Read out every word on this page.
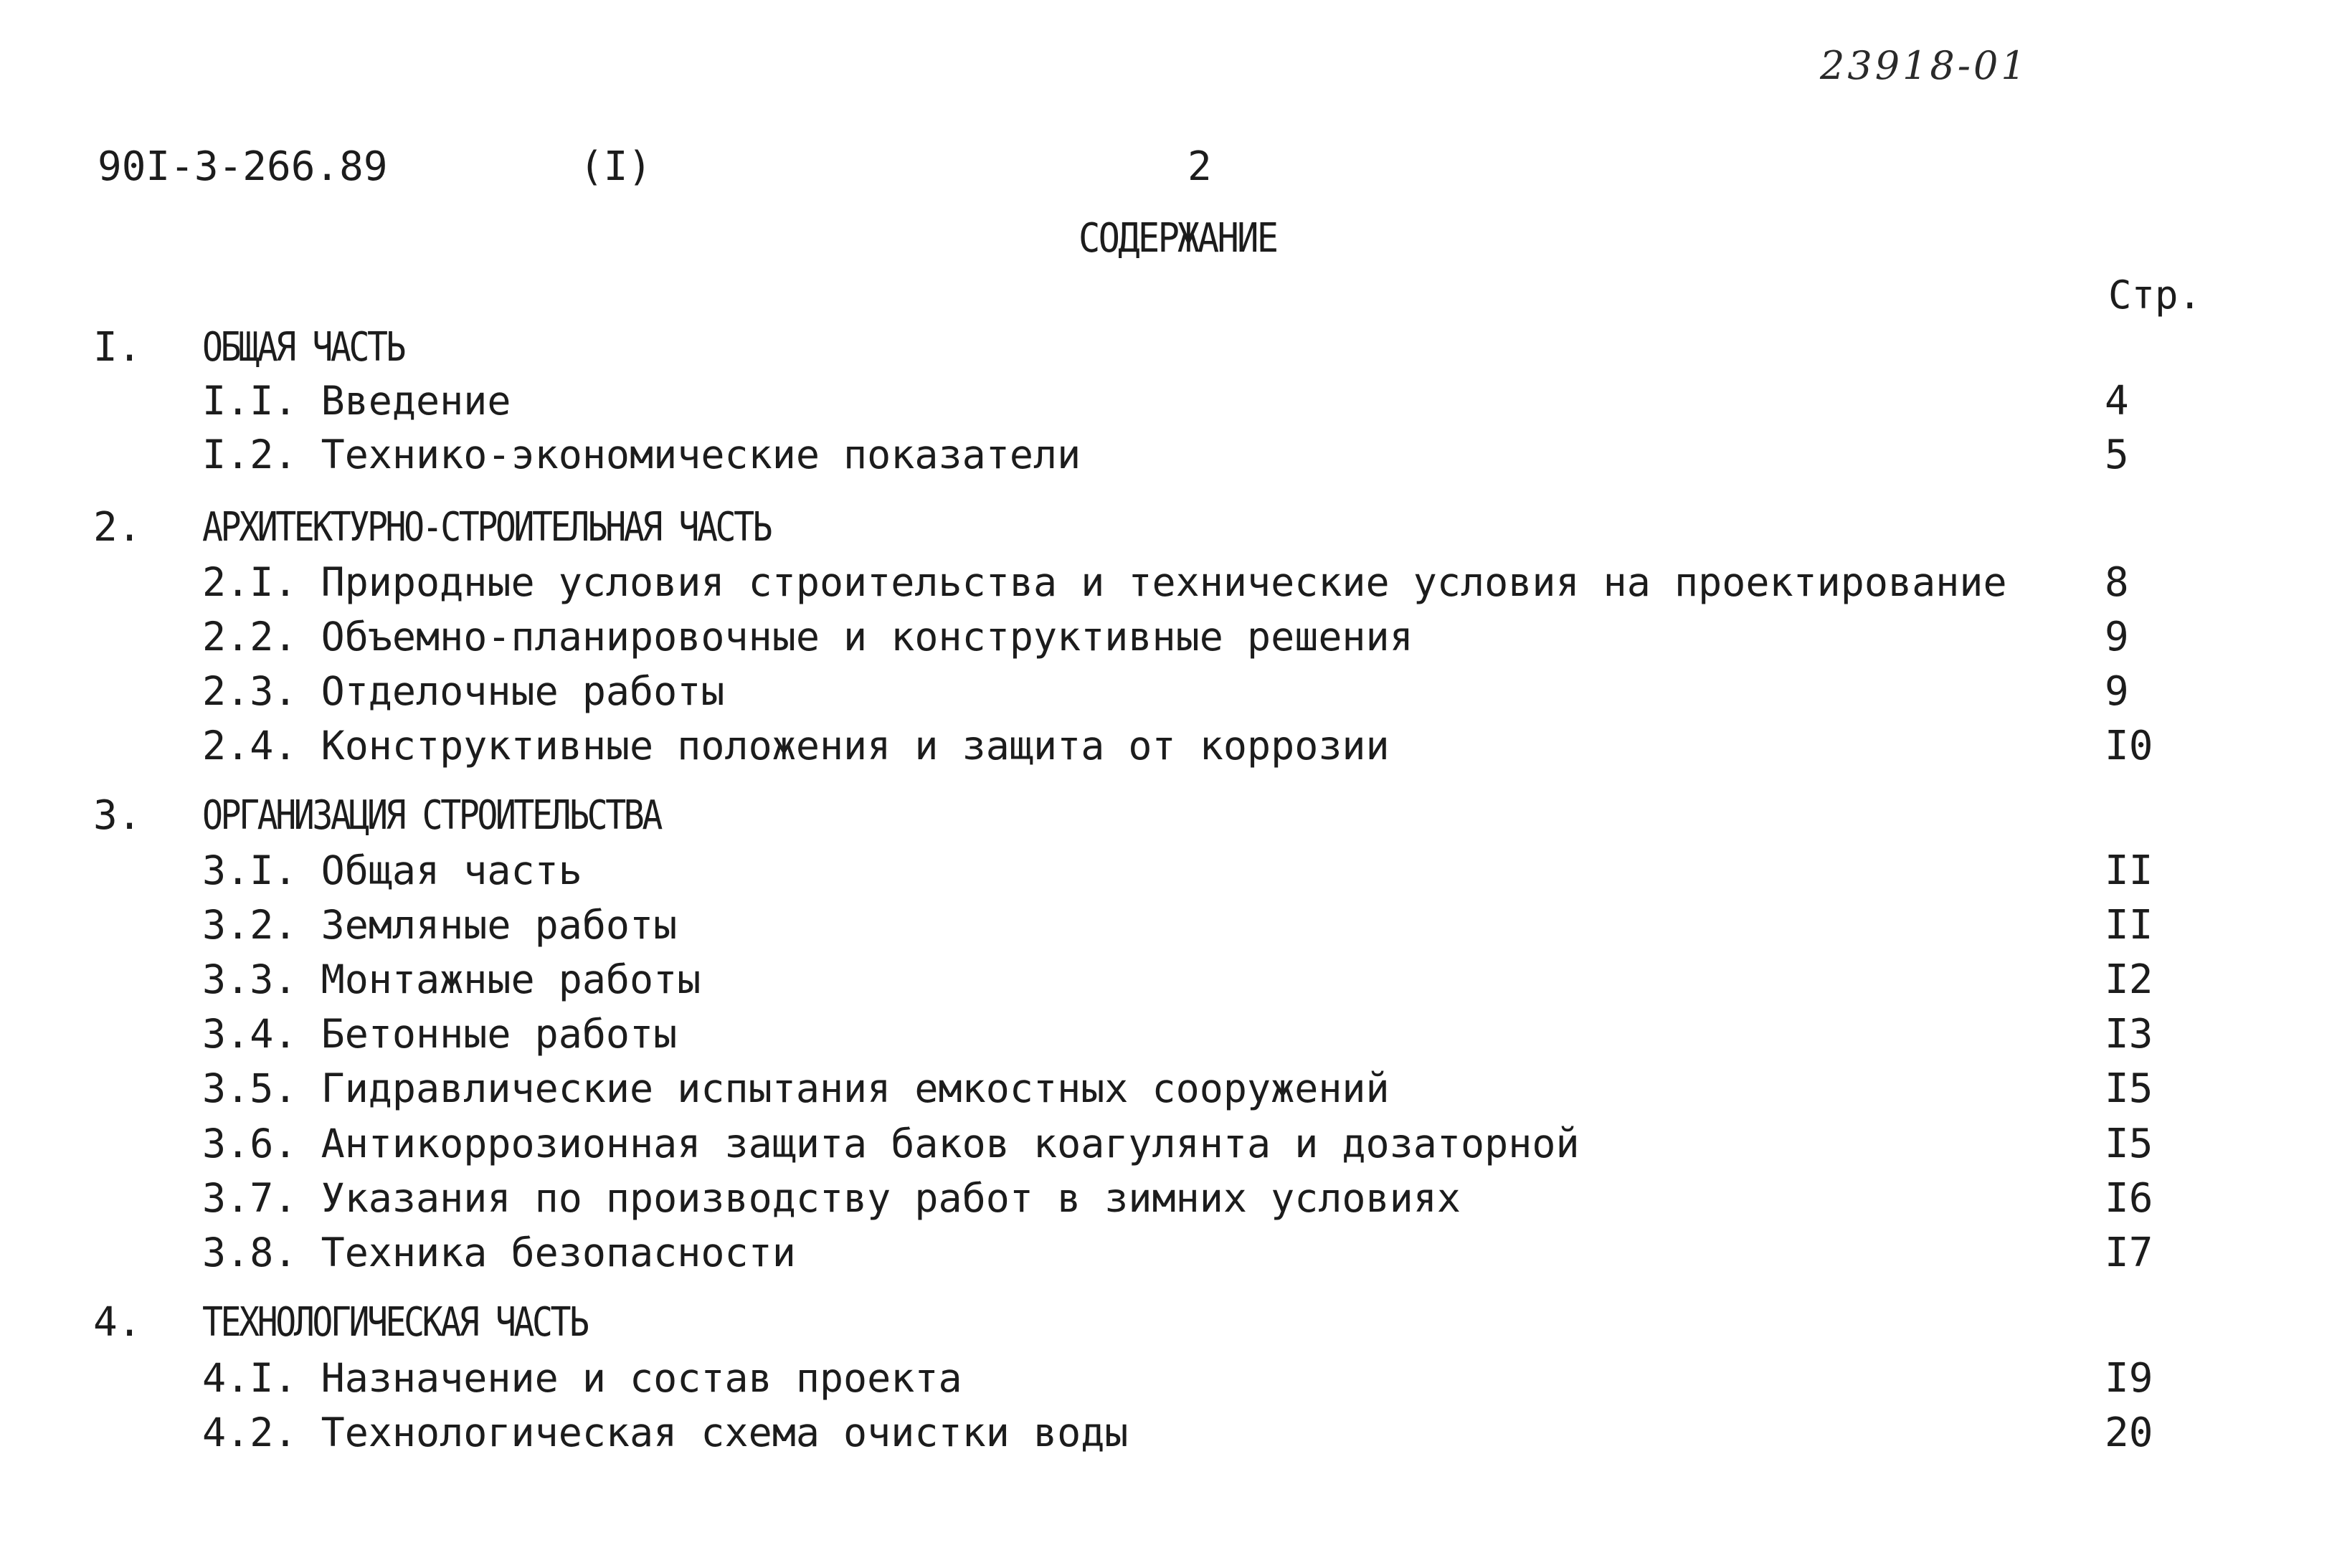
23918-01
90I-3-266.89	(I)	2
СОДЕРЖАНИЕ
Стр.
I. ОБЩАЯ ЧАСТЬ
I.I. Введение	4
I.2. Технико-экономические показатели	5
2. АРХИТЕКТУРНО-СТРОИТЕЛЬНАЯ ЧАСТЬ
2.I. Природные условия строительства и технические условия на проектирование 8
2.2. Объемно-планировочные и конструктивные решения	9
2.3. Отделочные работы	9
2.4. Конструктивные положения и защита от коррозии	I0
3. ОРГАНИЗАЦИЯ СТРОИТЕЛЬСТВА
3.I. Общая часть	II
3.2. Земляные работы	II
3.3. Монтажные работы	I2
3.4. Бетонные работы	I3
3.5. Гидравлические испытания емкостных сооружений	I5
3.6. Антикоррозионная защита баков коагулянта и дозаторной	I5
3.7. Указания по производству работ в зимних условиях	I6
3.8. Техника безопасности	I7
4. ТЕХНОЛОГИЧЕСКАЯ ЧАСТЬ
4.I. Назначение и состав проекта	I9
4.2. Технологическая схема очистки воды	20
